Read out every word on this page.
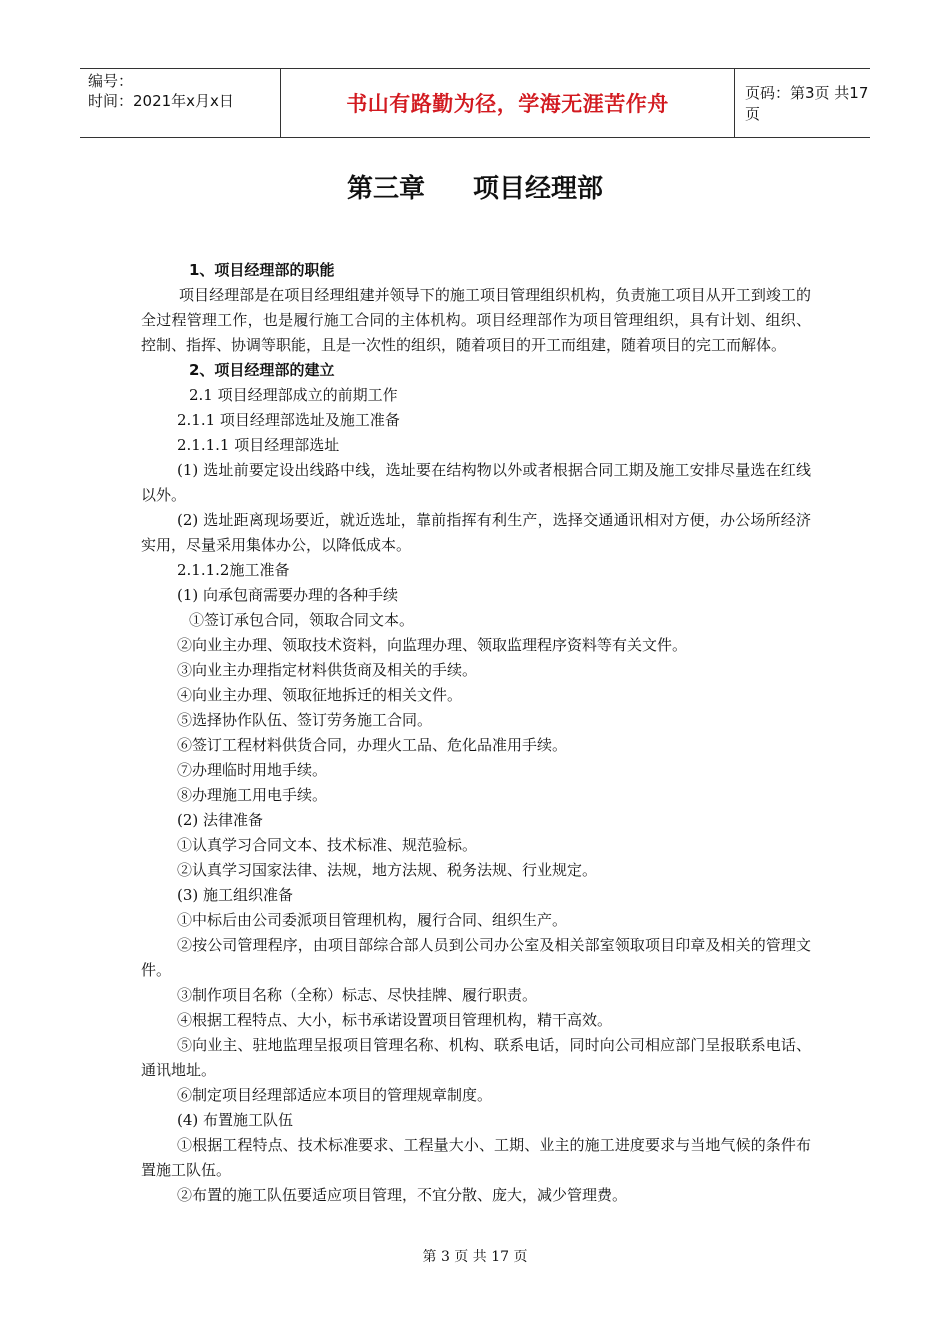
编号：
时间：2021年x月x日	书山有路勤为径，学海无涯苦作舟	页码：第3页 共17页
第三章 项目经理部

1、项目经理部的职能

项目经理部是在项目经理组建并领导下的施工项目管理组织机构，负责施工项目从开工到竣工的全过程管理工作，也是履行施工合同的主体机构。项目经理部作为项目管理组织，具有计划、组织、控制、指挥、协调等职能，且是一次性的组织，随着项目的开工而组建，随着项目的完工而解体。

2、项目经理部的建立

2.1 项目经理部成立的前期工作

2.1.1 项目经理部选址及施工准备

2.1.1.1 项目经理部选址

(1) 选址前要定设出线路中线，选址要在结构物以外或者根据合同工期及施工安排尽量选在红线以外。

(2) 选址距离现场要近，就近选址，靠前指挥有利生产，选择交通通讯相对方便，办公场所经济实用，尽量采用集体办公，以降低成本。

2.1.1.2施工准备

(1) 向承包商需要办理的各种手续

①签订承包合同，领取合同文本。

②向业主办理、领取技术资料，向监理办理、领取监理程序资料等有关文件。

③向业主办理指定材料供货商及相关的手续。

④向业主办理、领取征地拆迁的相关文件。

⑤选择协作队伍、签订劳务施工合同。

⑥签订工程材料供货合同，办理火工品、危化品准用手续。

⑦办理临时用地手续。

⑧办理施工用电手续。

(2) 法律准备

①认真学习合同文本、技术标准、规范验标。

②认真学习国家法律、法规，地方法规、税务法规、行业规定。

(3) 施工组织准备

①中标后由公司委派项目管理机构，履行合同、组织生产。

②按公司管理程序，由项目部综合部人员到公司办公室及相关部室领取项目印章及相关的管理文件。

③制作项目名称（全称）标志、尽快挂牌、履行职责。

④根据工程特点、大小，标书承诺设置项目管理机构，精干高效。

⑤向业主、驻地监理呈报项目管理名称、机构、联系电话，同时向公司相应部门呈报联系电话、通讯地址。

⑥制定项目经理部适应本项目的管理规章制度。

(4) 布置施工队伍

①根据工程特点、技术标准要求、工程量大小、工期、业主的施工进度要求与当地气候的条件布置施工队伍。

②布置的施工队伍要适应项目管理，不宜分散、庞大，减少管理费。

第 3 页 共 17 页
